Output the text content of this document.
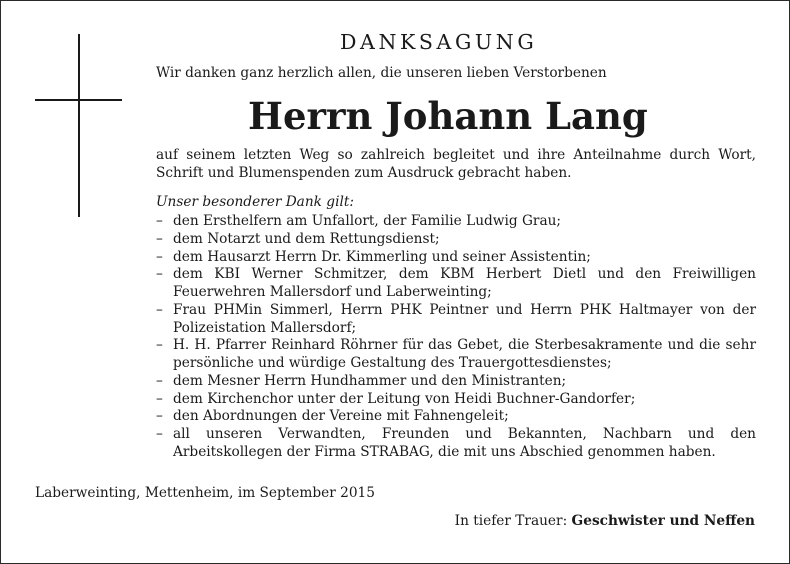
DANKSAGUNG
Wir danken ganz herzlich allen, die unseren lieben Verstorbenen
Herrn Johann Lang
auf seinem letzten Weg so zahlreich begleitet und ihre Anteilnahme durch Wort, Schrift und Blumenspenden zum Ausdruck gebracht haben.
Unser besonderer Dank gilt:
– den Ersthelfern am Unfallort, der Familie Ludwig Grau;
– dem Notarzt und dem Rettungsdienst;
– dem Hausarzt Herrn Dr. Kimmerling und seiner Assistentin;
– dem KBI Werner Schmitzer, dem KBM Herbert Dietl und den Freiwilligen Feuerwehren Mallersdorf und Laberweinting;
– Frau PHMin Simmerl, Herrn PHK Peintner und Herrn PHK Haltmayer von der Polizeistation Mallersdorf;
– H. H. Pfarrer Reinhard Röhrner für das Gebet, die Sterbesakramente und die sehr persönliche und würdige Gestaltung des Trauergottesdienstes;
– dem Mesner Herrn Hundhammer und den Ministranten;
– dem Kirchenchor unter der Leitung von Heidi Buchner-Gandorfer;
– den Abordnungen der Vereine mit Fahnengeleit;
– all unseren Verwandten, Freunden und Bekannten, Nachbarn und den Arbeitskollegen der Firma STRABAG, die mit uns Abschied genommen haben.
Laberweinting, Mettenheim, im September 2015
In tiefer Trauer: Geschwister und Neffen
